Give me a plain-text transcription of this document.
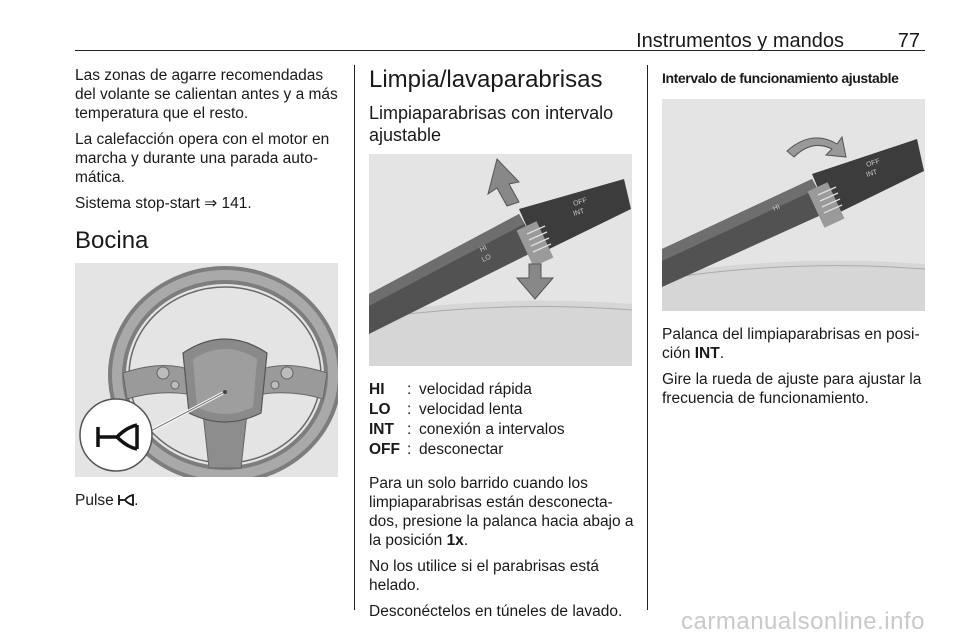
Instrumentos y mandos	77

Las zonas de agarre recomendadas del volante se calientan antes y a más temperatura que el resto.

La calefacción opera con el motor en marcha y durante una parada auto-mática.

Sistema stop-start ⇒ 141.

Bocina

Pulse .

Limpia/lavaparabrisas
Limpiaparabrisas con intervalo ajustable
OFF
INT
HI
LO
HI	:	velocidad rápida
LO	:	velocidad lenta
INT	:	conexión a intervalos
OFF	:	desconectar

Para un solo barrido cuando los limpiaparabrisas están desconecta-dos, presione la palanca hacia abajo a la posición 1x.

No los utilice si el parabrisas está helado.

Desconéctelos en túneles de lavado.

Intervalo de funcionamiento ajustable
OFF
INT
HI

Palanca del limpiaparabrisas en posi-ción INT.

Gire la rueda de ajuste para ajustar la frecuencia de funcionamiento.

carmanualsonline.info
